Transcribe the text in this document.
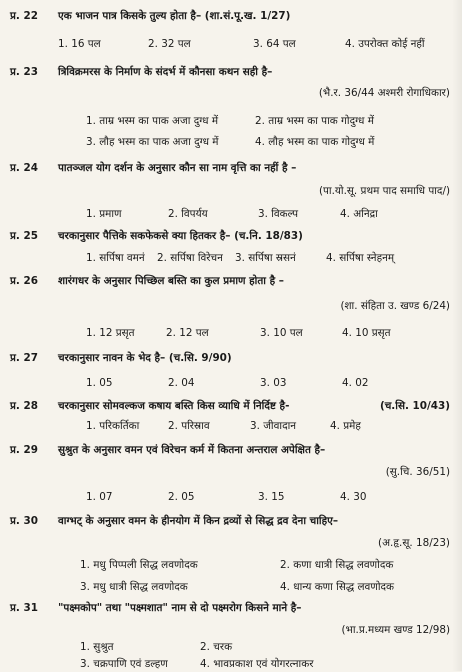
प्र. 22 एक भाजन पात्र किसके तुल्य होता है– (शा.सं.पू.ख. 1/27)
1. 16 पल	2. 32 पल	3. 64 पल	4. उपरोक्त कोई नहीं
प्र. 23 त्रिविक्रमरस के निर्माण के संदर्भ में कौनसा कथन सही है–
(भै.र. 36/44 अश्मरी रोगाधिकार)
1. ताम्र भस्म का पाक अजा दुग्ध में	2. ताम्र भस्म का पाक गोदुग्ध में
3. लौह भस्म का पाक अजा दुग्ध में	4. लौह भस्म का पाक गोदुग्ध में
प्र. 24 पातञ्जल योग दर्शन के अनुसार कौन सा नाम वृत्ति का नहीं है –
(पा.यो.सू. प्रथम पाद समाधि पाद/)
1. प्रमाण	2. विपर्यय	3. विकल्प	4. अनिद्रा
प्र. 25 चरकानुसार पैत्तिके सकफेकसे क्या हितकर है– (च.नि. 18/83)
1. सर्पिषा वमनं 2. सर्पिषा विरेचन 3. सर्पिषा स्रसनं	4. सर्पिषा स्नेहनम्
प्र. 26 शारंगधर के अनुसार पिच्छिल बस्ति का कुल प्रमाण होता है –
(शा. संहिता उ. खण्ड 6/24)
1. 12 प्रसृत	2. 12 पल	3. 10 पल	4. 10 प्रसृत
प्र. 27 चरकानुसार नावन के भेद है– (च.सि. 9/90)
1. 05	2. 04	3. 03	4. 02
प्र. 28 चरकानुसार सोमवल्कज कषाय बस्ति किस व्याधि में निर्दिष्ट है-	(च.सि. 10/43)
1. परिकर्तिका	2. परिस्राव	3. जीवादान	4. प्रमेह
प्र. 29 सुश्रुत के अनुसार वमन एवं विरेचन कर्म में कितना अन्तराल अपेक्षित है–
(सु.चि. 36/51)
1. 07	2. 05	3. 15	4. 30
प्र. 30 वाग्भट् के अनुसार वमन के हीनयोग में किन द्रव्यों से सिद्ध द्रव देना चाहिए–
(अ.हृ.सू. 18/23)
1. मधु पिप्पली सिद्ध लवणोदक	2. कणा धात्री सिद्ध लवणोदक
3. मधु धात्री सिद्ध लवणोदक	4. धान्य कणा सिद्ध लवणोदक
प्र. 31 "पक्ष्मकोप" तथा "पक्ष्मशात" नाम से दो पक्ष्मरोग किसने माने है–
(भा.प्र.मध्यम खण्ड 12/98)
1. सुश्रुत	2. चरक
3. चक्रपाणि एवं डल्हण	4. भावप्रकाश एवं योगरत्नाकर
